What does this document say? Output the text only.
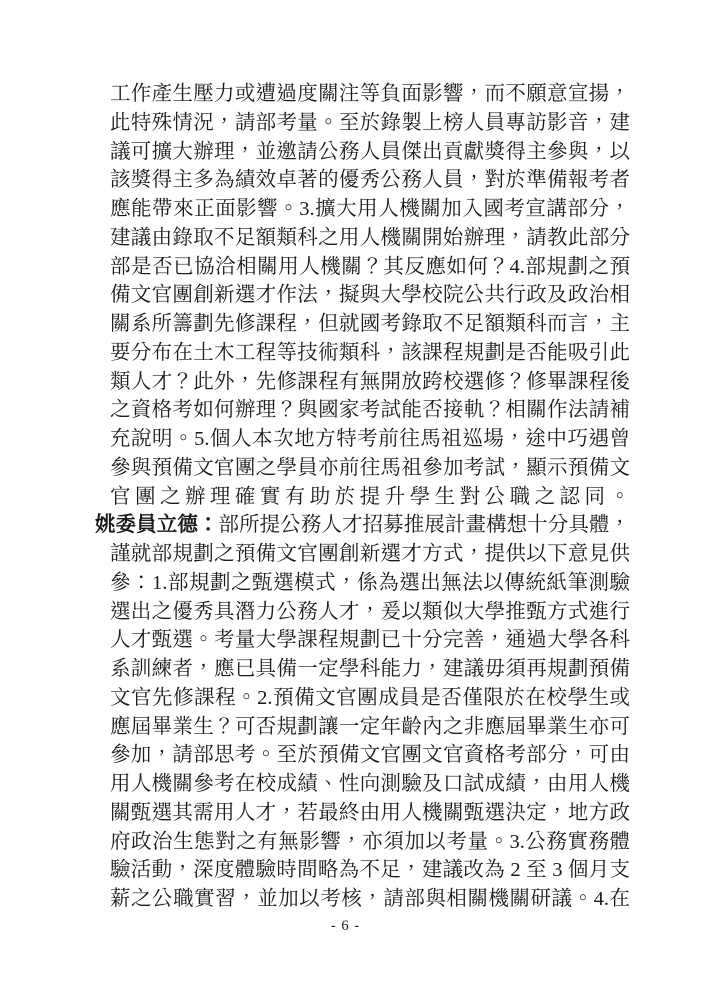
工作產生壓力或遭過度關注等負面影響，而不願意宣揚，
此特殊情況，請部考量。至於錄製上榜人員專訪影音，建
議可擴大辦理，並邀請公務人員傑出貢獻獎得主參與，以
該獎得主多為績效卓著的優秀公務人員，對於準備報考者
應能帶來正面影響。3.擴大用人機關加入國考宣講部分，
建議由錄取不足額類科之用人機關開始辦理，請教此部分
部是否已協洽相關用人機關？其反應如何？4.部規劃之預
備文官團創新選才作法，擬與大學校院公共行政及政治相
關系所籌劃先修課程，但就國考錄取不足額類科而言，主
要分布在土木工程等技術類科，該課程規劃是否能吸引此
類人才？此外，先修課程有無開放跨校選修？修畢課程後
之資格考如何辦理？與國家考試能否接軌？相關作法請補
充說明。5.個人本次地方特考前往馬祖巡場，途中巧遇曾
參與預備文官團之學員亦前往馬祖參加考試，顯示預備文
官團之辦理確實有助於提升學生對公職之認同。
姚委員立德：部所提公務人才招募推展計畫構想十分具體，
謹就部規劃之預備文官團創新選才方式，提供以下意見供
參：1.部規劃之甄選模式，係為選出無法以傳統紙筆測驗
選出之優秀具潛力公務人才，爰以類似大學推甄方式進行
人才甄選。考量大學課程規劃已十分完善，通過大學各科
系訓練者，應已具備一定學科能力，建議毋須再規劃預備
文官先修課程。2.預備文官團成員是否僅限於在校學生或
應屆畢業生？可否規劃讓一定年齡內之非應屆畢業生亦可
參加，請部思考。至於預備文官團文官資格考部分，可由
用人機關參考在校成績、性向測驗及口試成績，由用人機
關甄選其需用人才，若最終由用人機關甄選決定，地方政
府政治生態對之有無影響，亦須加以考量。3.公務實務體
驗活動，深度體驗時間略為不足，建議改為 2 至 3 個月支
薪之公職實習，並加以考核，請部與相關機關研議。4.在
- 6 -
